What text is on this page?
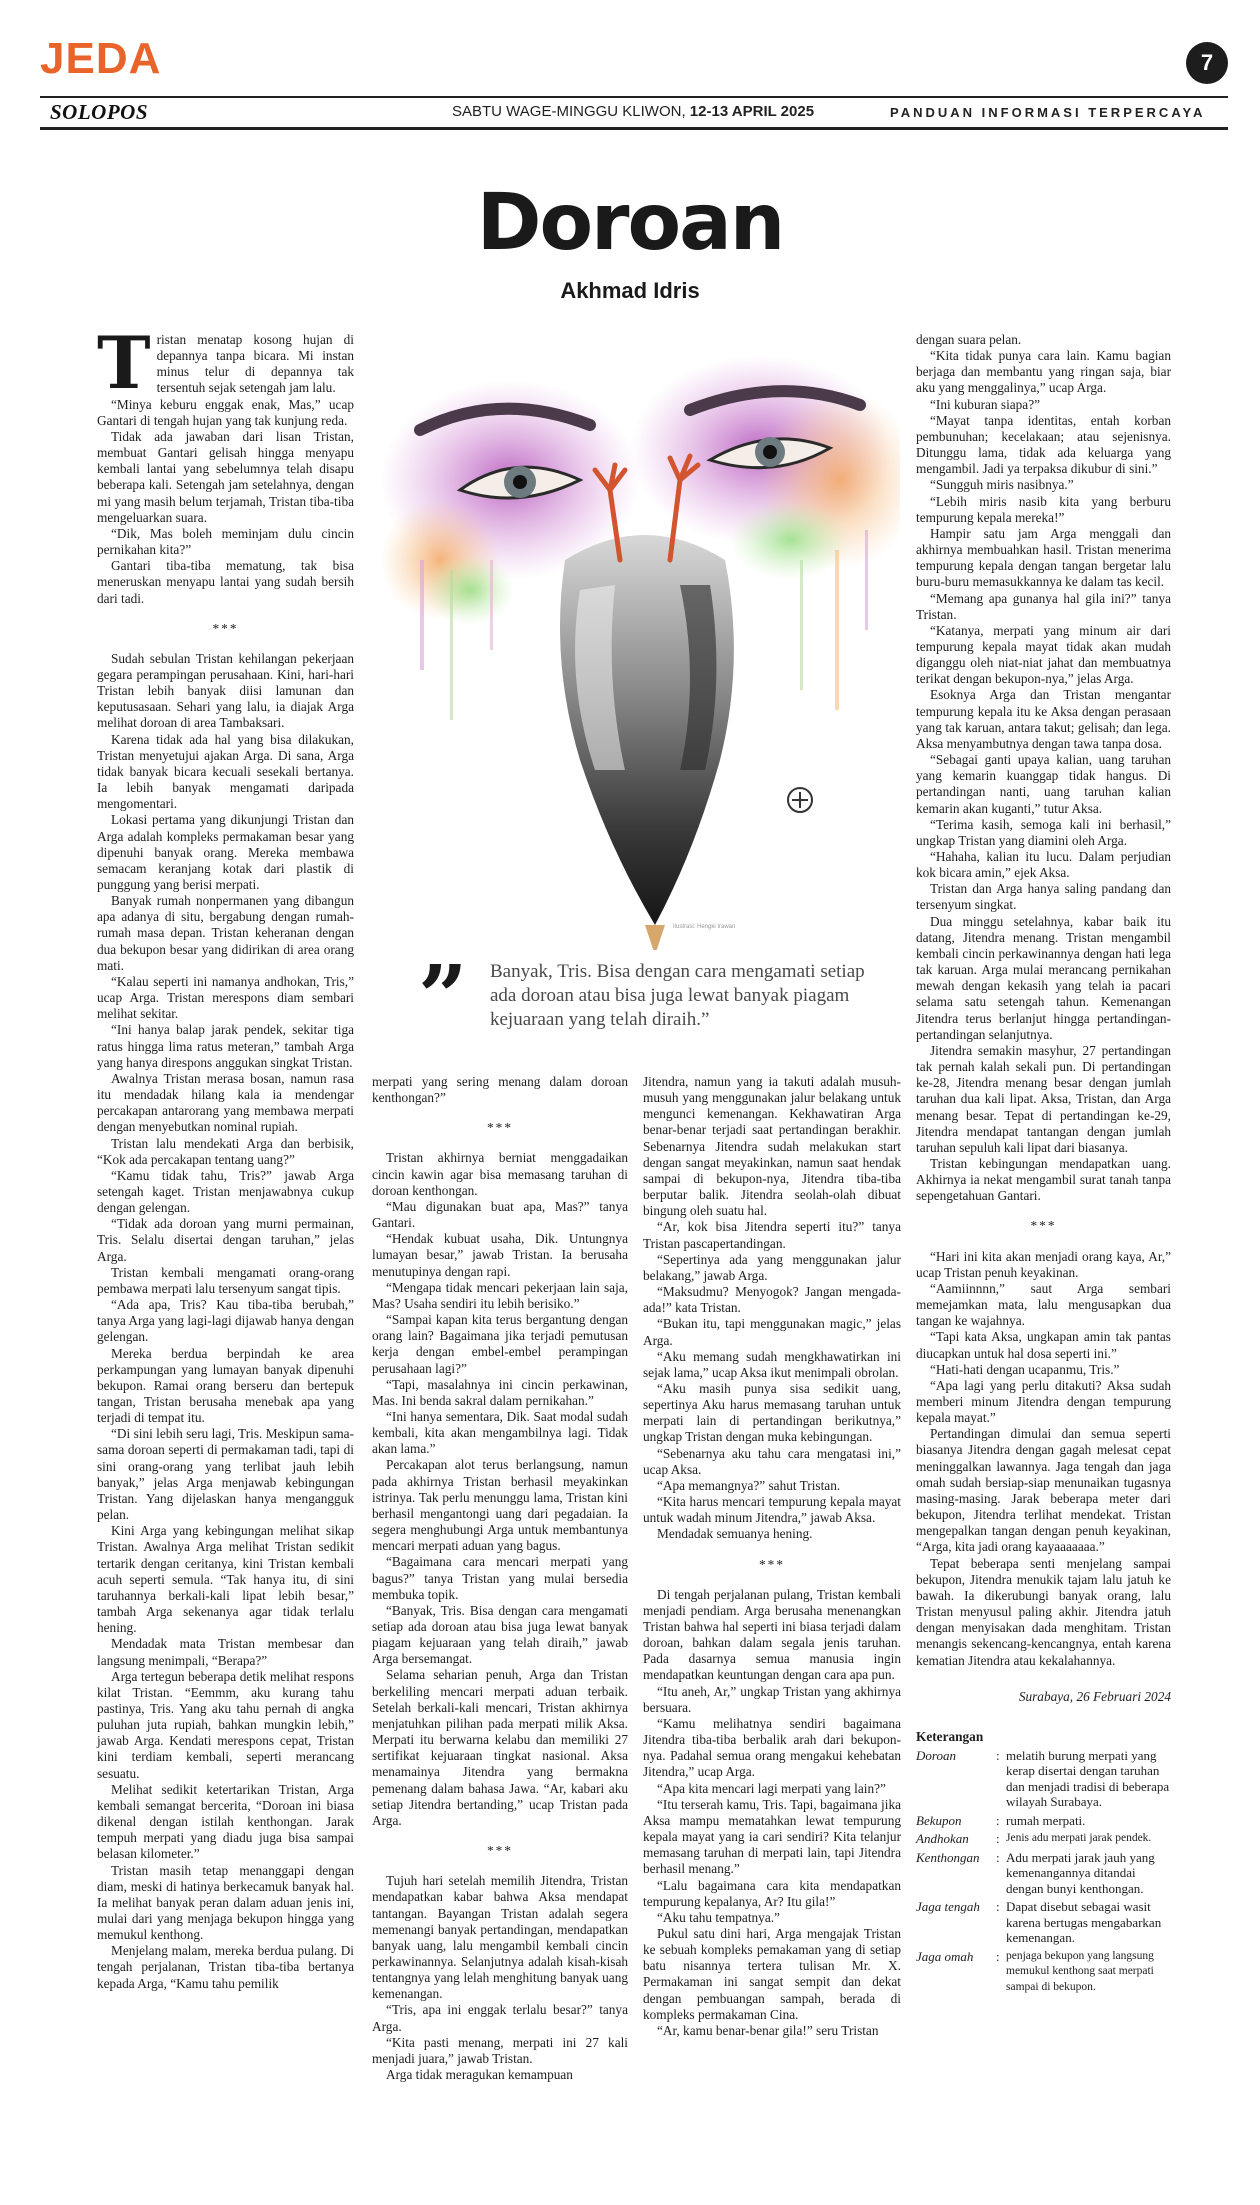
JEDA	7
SOLOPOS	SABTU WAGE-MINGGU KLIWON, 12-13 APRIL 2025	PANDUAN INFORMASI TERPERCAYA
Doroan
Akhmad Idris
Ilustrasi: Hengki Irawan
” Banyak, Tris. Bisa dengan cara mengamati setiap ada doroan atau bisa juga lewat banyak piagam kejuaraan yang telah diraih.”

Tristan menatap kosong hujan di depannya tanpa bicara. Mi instan minus telur di depannya tak tersentuh sejak setengah jam lalu.

“Minya keburu enggak enak, Mas,” ucap Gantari di tengah hujan yang tak kunjung reda.

Tidak ada jawaban dari lisan Tristan, membuat Gantari gelisah hingga menyapu kembali lantai yang sebelumnya telah disapu beberapa kali. Setengah jam setelahnya, dengan mi yang masih belum terjamah, Tristan tiba-tiba mengeluarkan suara.

“Dik, Mas boleh meminjam dulu cincin pernikahan kita?”

Gantari tiba-tiba mematung, tak bisa meneruskan menyapu lantai yang sudah bersih dari tadi.

***

Sudah sebulan Tristan kehilangan pekerjaan gegara perampingan perusahaan. Kini, hari-hari Tristan lebih banyak diisi lamunan dan keputusasaan. Sehari yang lalu, ia diajak Arga melihat doroan di area Tambaksari.

Karena tidak ada hal yang bisa dilakukan, Tristan menyetujui ajakan Arga. Di sana, Arga tidak banyak bicara kecuali sesekali bertanya. Ia lebih banyak mengamati daripada mengomentari.

Lokasi pertama yang dikunjungi Tristan dan Arga adalah kompleks permakaman besar yang dipenuhi banyak orang. Mereka membawa semacam keranjang kotak dari plastik di punggung yang berisi merpati.

Banyak rumah nonpermanen yang dibangun apa adanya di situ, bergabung dengan rumah-rumah masa depan. Tristan keheranan dengan dua bekupon besar yang didirikan di area orang mati.

“Kalau seperti ini namanya andhokan, Tris,” ucap Arga. Tristan merespons diam sembari melihat sekitar.

“Ini hanya balap jarak pendek, sekitar tiga ratus hingga lima ratus meteran,” tambah Arga yang hanya direspons anggukan singkat Tristan.

Awalnya Tristan merasa bosan, namun rasa itu mendadak hilang kala ia mendengar percakapan antarorang yang membawa merpati dengan menyebutkan nominal rupiah.

Tristan lalu mendekati Arga dan berbisik, “Kok ada percakapan tentang uang?”

“Kamu tidak tahu, Tris?” jawab Arga setengah kaget. Tristan menjawabnya cukup dengan gelengan.

“Tidak ada doroan yang murni permainan, Tris. Selalu disertai dengan taruhan,” jelas Arga.

Tristan kembali mengamati orang-orang pembawa merpati lalu tersenyum sangat tipis.

“Ada apa, Tris? Kau tiba-tiba berubah,” tanya Arga yang lagi-lagi dijawab hanya dengan gelengan.

Mereka berdua berpindah ke area perkampungan yang lumayan banyak dipenuhi bekupon. Ramai orang berseru dan bertepuk tangan, Tristan berusaha menebak apa yang terjadi di tempat itu.

“Di sini lebih seru lagi, Tris. Meskipun sama-sama doroan seperti di permakaman tadi, tapi di sini orang-orang yang terlibat jauh lebih banyak,” jelas Arga menjawab kebingungan Tristan. Yang dijelaskan hanya mengangguk pelan.

Kini Arga yang kebingungan melihat sikap Tristan. Awalnya Arga melihat Tristan sedikit tertarik dengan ceritanya, kini Tristan kembali acuh seperti semula. “Tak hanya itu, di sini taruhannya berkali-kali lipat lebih besar,” tambah Arga sekenanya agar tidak terlalu hening.

Mendadak mata Tristan membesar dan langsung menimpali, “Berapa?”

Arga tertegun beberapa detik melihat respons kilat Tristan. “Eemmm, aku kurang tahu pastinya, Tris. Yang aku tahu pernah di angka puluhan juta rupiah, bahkan mungkin lebih,” jawab Arga. Kendati merespons cepat, Tristan kini terdiam kembali, seperti merancang sesuatu.

Melihat sedikit ketertarikan Tristan, Arga kembali semangat bercerita, “Doroan ini biasa dikenal dengan istilah kenthongan. Jarak tempuh merpati yang diadu juga bisa sampai belasan kilometer.”

Tristan masih tetap menanggapi dengan diam, meski di hatinya berkecamuk banyak hal. Ia melihat banyak peran dalam aduan jenis ini, mulai dari yang menjaga bekupon hingga yang memukul kenthong.

Menjelang malam, mereka berdua pulang. Di tengah perjalanan, Tristan tiba-tiba bertanya kepada Arga, “Kamu tahu pemilik

merpati yang sering menang dalam doroan kenthongan?”

***

Tristan akhirnya berniat menggadaikan cincin kawin agar bisa memasang taruhan di doroan kenthongan.

“Mau digunakan buat apa, Mas?” tanya Gantari.

“Hendak kubuat usaha, Dik. Untungnya lumayan besar,” jawab Tristan. Ia berusaha menutupinya dengan rapi.

“Mengapa tidak mencari pekerjaan lain saja, Mas? Usaha sendiri itu lebih berisiko.”

“Sampai kapan kita terus bergantung dengan orang lain? Bagaimana jika terjadi pemutusan kerja dengan embel-embel perampingan perusahaan lagi?”

“Tapi, masalahnya ini cincin perkawinan, Mas. Ini benda sakral dalam pernikahan.”

“Ini hanya sementara, Dik. Saat modal sudah kembali, kita akan mengambilnya lagi. Tidak akan lama.”

Percakapan alot terus berlangsung, namun pada akhirnya Tristan berhasil meyakinkan istrinya. Tak perlu menunggu lama, Tristan kini berhasil mengantongi uang dari pegadaian. Ia segera menghubungi Arga untuk membantunya mencari merpati aduan yang bagus.

“Bagaimana cara mencari merpati yang bagus?” tanya Tristan yang mulai bersedia membuka topik.

“Banyak, Tris. Bisa dengan cara mengamati setiap ada doroan atau bisa juga lewat banyak piagam kejuaraan yang telah diraih,” jawab Arga bersemangat.

Selama seharian penuh, Arga dan Tristan berkeliling mencari merpati aduan terbaik. Setelah berkali-kali mencari, Tristan akhirnya menjatuhkan pilihan pada merpati milik Aksa. Merpati itu berwarna kelabu dan memiliki 27 sertifikat kejuaraan tingkat nasional. Aksa menamainya Jitendra yang bermakna pemenang dalam bahasa Jawa. “Ar, kabari aku setiap Jitendra bertanding,” ucap Tristan pada Arga.

***

Tujuh hari setelah memilih Jitendra, Tristan mendapatkan kabar bahwa Aksa mendapat tantangan. Bayangan Tristan adalah segera memenangi banyak pertandingan, mendapatkan banyak uang, lalu mengambil kembali cincin perkawinannya. Selanjutnya adalah kisah-kisah tentangnya yang lelah menghitung banyak uang kemenangan.

“Tris, apa ini enggak terlalu besar?” tanya Arga.

“Kita pasti menang, merpati ini 27 kali menjadi juara,” jawab Tristan.

Arga tidak meragukan kemampuan

Jitendra, namun yang ia takuti adalah musuh-musuh yang menggunakan jalur belakang untuk menguncі kemenangan. Kekhawatiran Arga benar-benar terjadi saat pertandingan berakhir. Sebenarnya Jitendra sudah melakukan start dengan sangat meyakinkan, namun saat hendak sampai di bekupon-nya, Jitendra tiba-tiba berputar balik. Jitendra seolah-olah dibuat bingung oleh suatu hal.

“Ar, kok bisa Jitendra seperti itu?” tanya Tristan pascapertandingan.

“Sepertinya ada yang menggunakan jalur belakang,” jawab Arga.

“Maksudmu? Menyogok? Jangan mengada-ada!” kata Tristan.

“Bukan itu, tapi menggunakan magic,” jelas Arga.

“Aku memang sudah mengkhawatirkan ini sejak lama,” ucap Aksa ikut menimpali obrolan.

“Aku masih punya sisa sedikit uang, sepertinya Aku harus memasang taruhan untuk merpati lain di pertandingan berikutnya,” ungkap Tristan dengan muka kebingungan.

“Sebenarnya aku tahu cara mengatasi ini,” ucap Aksa.

“Apa memangnya?” sahut Tristan.

“Kita harus mencari tempurung kepala mayat untuk wadah minum Jitendra,” jawab Aksa.

Mendadak semuanya hening.

***

Di tengah perjalanan pulang, Tristan kembali menjadi pendiam. Arga berusaha menenangkan Tristan bahwa hal seperti ini biasa terjadi dalam doroan, bahkan dalam segala jenis taruhan. Pada dasarnya semua manusia ingin mendapatkan keuntungan dengan cara apa pun.

“Itu aneh, Ar,” ungkap Tristan yang akhirnya bersuara.

“Kamu melihatnya sendiri bagaimana Jitendra tiba-tiba berbalik arah dari bekupon-nya. Padahal semua orang mengakui kehebatan Jitendra,” ucap Arga.

“Apa kita mencari lagi merpati yang lain?”

“Itu terserah kamu, Tris. Tapi, bagaimana jika Aksa mampu mematahkan lewat tempurung kepala mayat yang ia cari sendiri? Kita telanjur memasang taruhan di merpati lain, tapi Jitendra berhasil menang.”

“Lalu bagaimana cara kita mendapatkan tempurung kepalanya, Ar? Itu gila!”

“Aku tahu tempatnya.”

Pukul satu dini hari, Arga mengajak Tristan ke sebuah kompleks pemakaman yang di setiap batu nisannya tertera tulisan Mr. X. Permakaman ini sangat sempit dan dekat dengan pembuangan sampah, berada di kompleks permakaman Cina.

“Ar, kamu benar-benar gila!” seru Tristan

dengan suara pelan.

“Kita tidak punya cara lain. Kamu bagian berjaga dan membantu yang ringan saja, biar aku yang menggalinya,” ucap Arga.

“Ini kuburan siapa?”

“Mayat tanpa identitas, entah korban pembunuhan; kecelakaan; atau sejenisnya. Ditunggu lama, tidak ada keluarga yang mengambil. Jadi ya terpaksa dikubur di sini.”

“Sungguh miris nasibnya.”

“Lebih miris nasib kita yang berburu tempurung kepala mereka!”

Hampir satu jam Arga menggali dan akhirnya membuahkan hasil. Tristan menerima tempurung kepala dengan tangan bergetar lalu buru-buru memasukkannya ke dalam tas kecil.

“Memang apa gunanya hal gila ini?” tanya Tristan.

“Katanya, merpati yang minum air dari tempurung kepala mayat tidak akan mudah diganggu oleh niat-niat jahat dan membuatnya terikat dengan bekupon-nya,” jelas Arga.

Esoknya Arga dan Tristan mengantar tempurung kepala itu ke Aksa dengan perasaan yang tak karuan, antara takut; gelisah; dan lega. Aksa menyambutnya dengan tawa tanpa dosa.

“Sebagai ganti upaya kalian, uang taruhan yang kemarin kuanggap tidak hangus. Di pertandingan nanti, uang taruhan kalian kemarin akan kuganti,” tutur Aksa.

“Terima kasih, semoga kali ini berhasil,” ungkap Tristan yang diamini oleh Arga.

“Hahaha, kalian itu lucu. Dalam perjudian kok bicara amin,” ejek Aksa.

Tristan dan Arga hanya saling pandang dan tersenyum singkat.

Dua minggu setelahnya, kabar baik itu datang, Jitendra menang. Tristan mengambil kembali cincin perkawinannya dengan hati lega tak karuan. Arga mulai merancang pernikahan mewah dengan kekasih yang telah ia pacari selama satu setengah tahun. Kemenangan Jitendra terus berlanjut hingga pertandingan-pertandingan selanjutnya.

Jitendra semakin masyhur, 27 pertandingan tak pernah kalah sekali pun. Di pertandingan ke-28, Jitendra menang besar dengan jumlah taruhan dua kali lipat. Aksa, Tristan, dan Arga menang besar. Tepat di pertandingan ke-29, Jitendra mendapat tantangan dengan jumlah taruhan sepuluh kali lipat dari biasanya.

Tristan kebingungan mendapatkan uang. Akhirnya ia nekat mengambil surat tanah tanpa sepengetahuan Gantari.

***

“Hari ini kita akan menjadi orang kaya, Ar,” ucap Tristan penuh keyakinan.

“Aamiinnnn,” saut Arga sembari memejamkan mata, lalu mengusapkan dua tangan ke wajahnya.

“Tapi kata Aksa, ungkapan amin tak pantas diucapkan untuk hal dosa seperti ini.”

“Hati-hati dengan ucapanmu, Tris.”

“Apa lagi yang perlu ditakuti? Aksa sudah memberi minum Jitendra dengan tempurung kepala mayat.”

Pertandingan dimulai dan semua seperti biasanya Jitendra dengan gagah melesat cepat meninggalkan lawannya. Jaga tengah dan jaga omah sudah bersiap-siap menunaikan tugasnya masing-masing. Jarak beberapa meter dari bekupon, Jitendra terlihat mendekat. Tristan mengepalkan tangan dengan penuh keyakinan, “Arga, kita jadi orang kayaaaaaaa.”

Tepat beberapa senti menjelang sampai bekupon, Jitendra menukik tajam lalu jatuh ke bawah. Ia dikerubungi banyak orang, lalu Tristan menyusul paling akhir. Jitendra jatuh dengan menyisakan dada menghitam. Tristan menangis sekencang-kencangnya, entah karena kematian Jitendra atau kekalahannya.

Surabaya, 26 Februari 2024

Keterangan

Doroan	: melatih burung merpati yang kerap disertai dengan taruhan dan menjadi tradisi di beberapa wilayah Surabaya.
Bekupon	: rumah merpati.
Andhokan	: Jenis adu merpati jarak pendek.
Kenthongan	: Adu merpati jarak jauh yang kemenangannya ditandai dengan bunyi kenthongan.
Jaga tengah	: Dapat disebut sebagai wasit karena bertugas mengabarkan kemenangan.
Jaga omah	: penjaga bekupon yang langsung memukul kenthong saat merpati sampai di bekupon.
